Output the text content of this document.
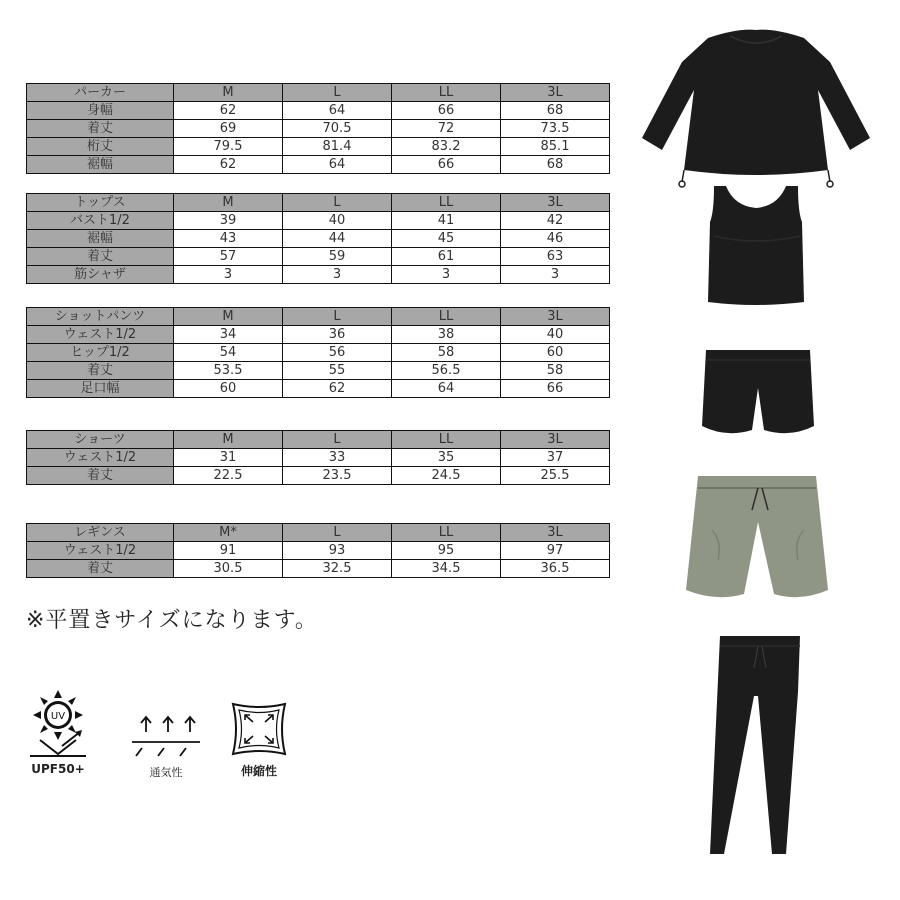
パーカー	M	L	LL	3L
身幅	62	64	66	68
着丈	69	70.5	72	73.5
桁丈	79.5	81.4	83.2	85.1
裾幅	62	64	66	68
トップス	M	L	LL	3L
バスト1/2	39	40	41	42
裾幅	43	44	45	46
着丈	57	59	61	63
筋シャザ	3	3	3	3
ショットパンツ	M	L	LL	3L
ウェスト1/2	34	36	38	40
ヒップ1/2	54	56	58	60
着丈	53.5	55	56.5	58
足口幅	60	62	64	66
ショーツ	M	L	LL	3L
ウェスト1/2	31	33	35	37
着丈	22.5	23.5	24.5	25.5
レギンス	M*	L	LL	3L
ウェスト1/2	91	93	95	97
着丈	30.5	32.5	34.5	36.5
※平置きサイズになります。
UV
UPF50+	通気性	伸縮性
